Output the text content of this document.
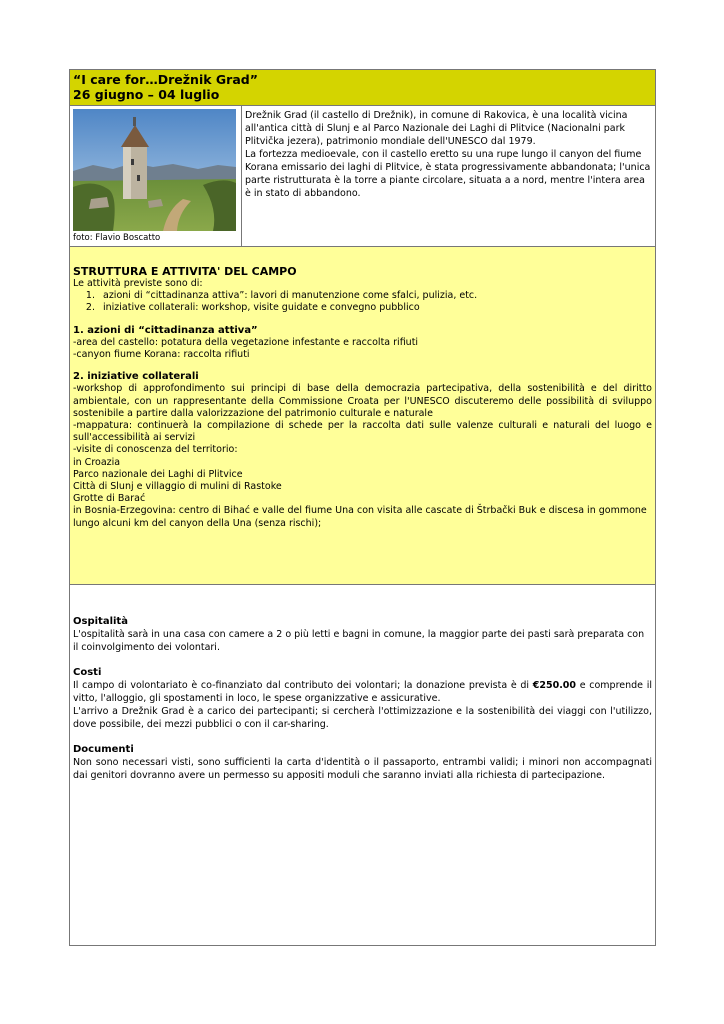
“I care for…Drežnik Grad”
26 giugno – 04 luglio
foto: Flavio Boscatto

Drežnik Grad (il castello di Drežnik), in comune di Rakovica, è una località vicina all'antica città di Slunj e al Parco Nazionale dei Laghi di Plitvice (Nacionalni park Plitvička jezera), patrimonio mondiale dell'UNESCO dal 1979.

La fortezza medioevale, con il castello eretto su una rupe lungo il canyon del fiume Korana emissario dei laghi di Plitvice, è stata progressivamente abbandonata; l'unica parte ristrutturata è la torre a piante circolare, situata a a nord, mentre l'intera area è in stato di abbandono.

STRUTTURA E ATTIVITA' DEL CAMPO

Le attività previste sono di:

1. azioni di “cittadinanza attiva”: lavori di manutenzione come sfalci, pulizia, etc.
2. iniziative collaterali: workshop, visite guidate e convegno pubblico

1. azioni di “cittadinanza attiva”

-area del castello: potatura della vegetazione infestante e raccolta rifiuti

-canyon fiume Korana: raccolta rifiuti

2. iniziative collaterali

-workshop di approfondimento sui principi di base della democrazia partecipativa, della sostenibilità e del diritto ambientale, con un rappresentante della Commissione Croata per l'UNESCO discuteremo delle possibilità di sviluppo sostenibile a partire dalla valorizzazione del patrimonio culturale e naturale

-mappatura: continuerà la compilazione di schede per la raccolta dati sulle valenze culturali e naturali del luogo e sull'accessibilità ai servizi

-visite di conoscenza del territorio:

in Croazia

Parco nazionale dei Laghi di Plitvice

Città di Slunj e villaggio di mulini di Rastoke

Grotte di Barać

in Bosnia-Erzegovina: centro di Bihać e valle del fiume Una con visita alle cascate di Štrbački Buk e discesa in gommone lungo alcuni km del canyon della Una (senza rischi);

Ospitalità

L'ospitalità sarà in una casa con camere a 2 o più letti e bagni in comune, la maggior parte dei pasti sarà preparata con il coinvolgimento dei volontari.

Costi

Il campo di volontariato è co-finanziato dal contributo dei volontari; la donazione prevista è di €250.00 e comprende il vitto, l'alloggio, gli spostamenti in loco, le spese organizzative e assicurative.

L'arrivo a Drežnik Grad è a carico dei partecipanti; si cercherà l'ottimizzazione e la sostenibilità dei viaggi con l'utilizzo, dove possibile, dei mezzi pubblici o con il car-sharing.

Documenti

Non sono necessari visti, sono sufficienti la carta d'identità o il passaporto, entrambi validi; i minori non accompagnati dai genitori dovranno avere un permesso su appositi moduli che saranno inviati alla richiesta di partecipazione.
